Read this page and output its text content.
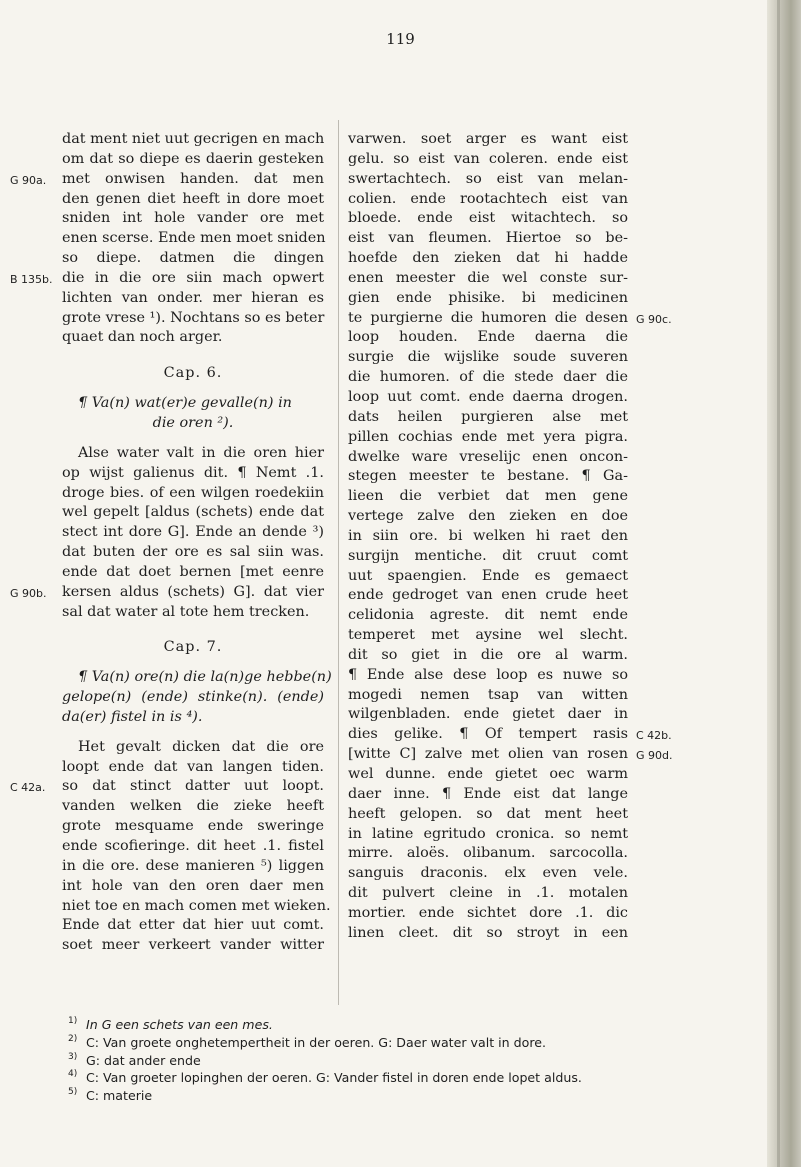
119
dat ment niet uut gecrigen en mach
om dat so diepe es daerin gesteken
met onwisen handen. dat men
G 90a.
den genen diet heeft in dore moet
sniden int hole vander ore met
enen scerse. Ende men moet sniden
so diepe. datmen die dingen
die in die ore siin mach opwert
B 135b.
lichten van onder. mer hieran es
grote vrese ¹). Nochtans so es beter
quaet dan noch arger.
Cap. 6.
¶ Va(n) wat(er)e gevalle(n) in
die oren ²).
Alse water valt in die oren hier
op wijst galienus dit. ¶ Nemt .1.
droge bies. of een wilgen roedekiin
wel gepelt [aldus (schets) ende dat
stect int dore G]. Ende an dende ³)
dat buten der ore es sal siin was.
ende dat doet bernen [met eenre
kersen aldus (schets) G]. dat vier
G 90b.
sal dat water al tote hem trecken.
Cap. 7.
¶ Va(n) ore(n) die la(n)ge hebbe(n)
gelope(n) (ende) stinke(n). (ende)
da(er) fistel in is ⁴).
Het gevalt dicken dat die ore
loopt ende dat van langen tiden.
so dat stinct datter uut loopt.
C 42a.
vanden welken die zieke heeft
grote mesquame ende sweringe
ende scofieringe. dit heet .1. fistel
in die ore. dese manieren ⁵) liggen
int hole van den oren daer men
niet toe en mach comen met wieken.
Ende dat etter dat hier uut comt.
soet meer verkeert vander witter
varwen. soet arger es want eist
gelu. so eist van coleren. ende eist
swertachtech. so eist van melan-
colien. ende rootachtech eist van
bloede. ende eist witachtech. so
eist van fleumen. Hiertoe so be-
hoefde den zieken dat hi hadde
enen meester die wel conste sur-
gien ende phisike. bi medicinen
te purgierne die humoren die desen G 90c.
loop houden. Ende daerna die
surgie die wijslike soude suveren
die humoren. of die stede daer die
loop uut comt. ende daerna drogen.
dats heilen purgieren alse met
pillen cochias ende met yera pigra.
dwelke ware vreselijc enen oncon-
stegen meester te bestane. ¶ Ga-
lieen die verbiet dat men gene
vertege zalve den zieken en doe
in siin ore. bi welken hi raet den
surgijn mentiche. dit cruut comt
uut spaengien. Ende es gemaect
ende gedroget van enen crude heet
celidonia agreste. dit nemt ende
temperet met aysine wel slecht.
dit so giet in die ore al warm.
¶ Ende alse dese loop es nuwe so
mogedi nemen tsap van witten
wilgenbladen. ende gietet daer in
dies gelike. ¶ Of tempert rasis C 42b.
[witte C] zalve met olien van rosen G 90d.
wel dunne. ende gietet oec warm
daer inne. ¶ Ende eist dat lange
heeft gelopen. so dat ment heet
in latine egritudo cronica. so nemt
mirre. aloës. olibanum. sarcocolla.
sanguis draconis. elx even vele.
dit pulvert cleine in .1. motalen
mortier. ende sichtet dore .1. dic
linen cleet. dit so stroyt in een
1) In G een schets van een mes.
2) C: Van groete onghetempertheit in der oeren. G: Daer water valt in dore.
3) G: dat ander ende
4) C: Van groeter lopinghen der oeren. G: Vander fistel in doren ende lopet aldus.
5) C: materie
